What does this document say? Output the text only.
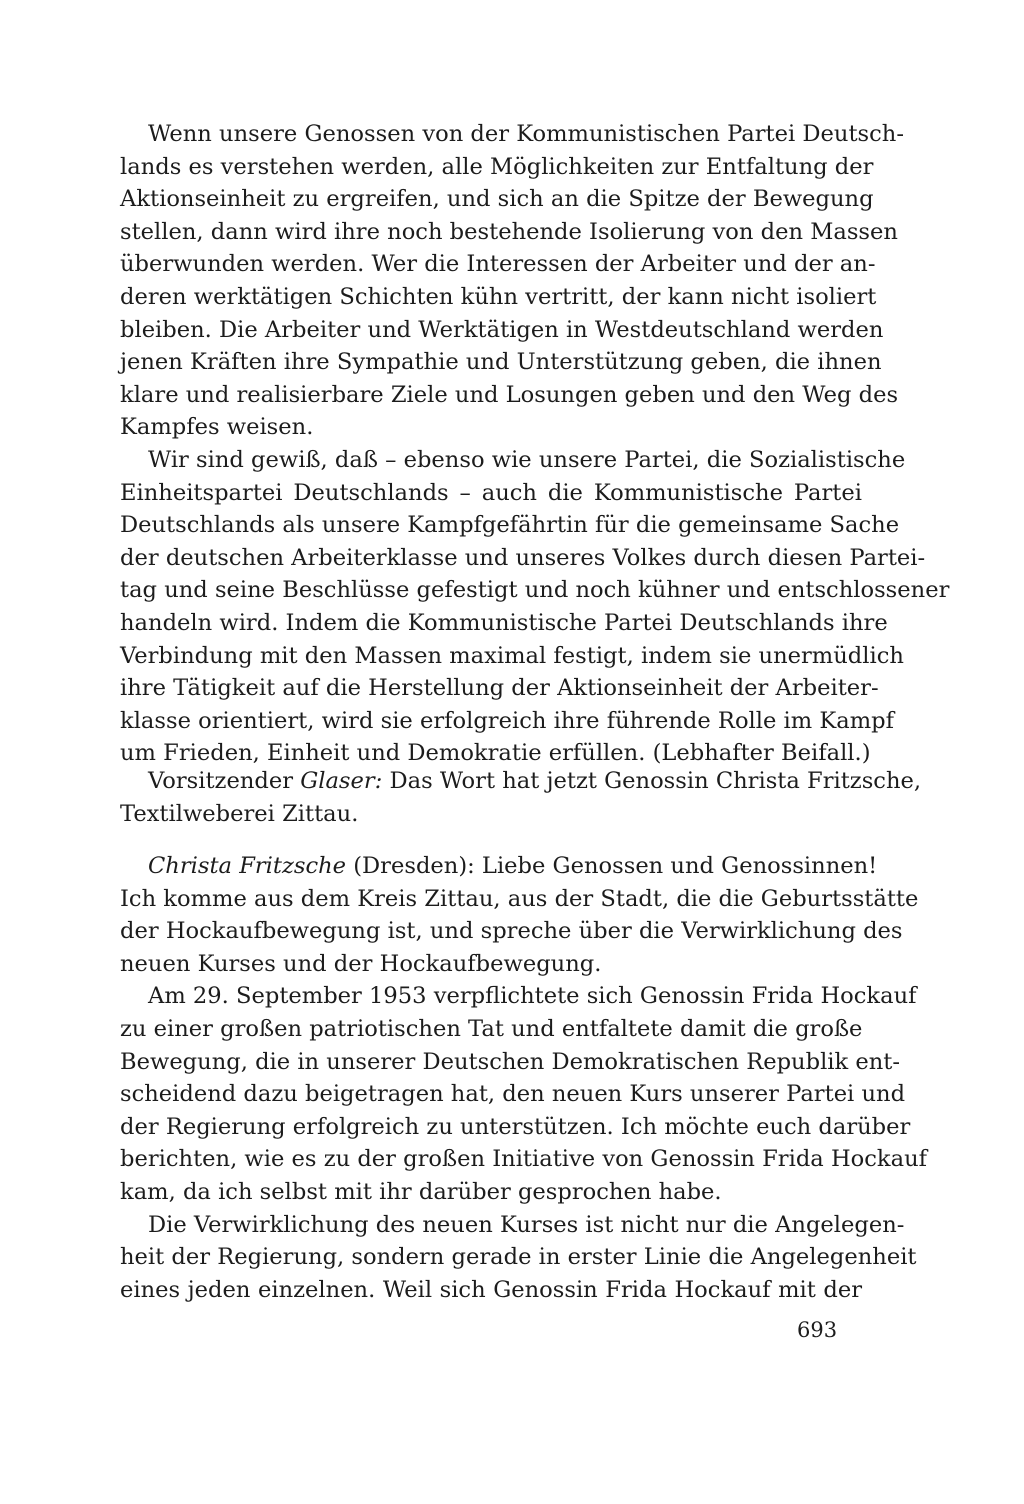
Wenn unsere Genossen von der Kommunistischen Partei Deutsch-
lands es verstehen werden, alle Möglichkeiten zur Entfaltung der
Aktionseinheit zu ergreifen, und sich an die Spitze der Bewegung
stellen, dann wird ihre noch bestehende Isolierung von den Massen
überwunden werden. Wer die Interessen der Arbeiter und der an-
deren werktätigen Schichten kühn vertritt, der kann nicht isoliert
bleiben. Die Arbeiter und Werktätigen in Westdeutschland werden
jenen Kräften ihre Sympathie und Unterstützung geben, die ihnen
klare und realisierbare Ziele und Losungen geben und den Weg des
Kampfes weisen.
Wir sind gewiß, daß – ebenso wie unsere Partei, die Sozialistische
Einheitspartei Deutschlands – auch die Kommunistische Partei
Deutschlands als unsere Kampfgefährtin für die gemeinsame Sache
der deutschen Arbeiterklasse und unseres Volkes durch diesen Partei-
tag und seine Beschlüsse gefestigt und noch kühner und entschlossener
handeln wird. Indem die Kommunistische Partei Deutschlands ihre
Verbindung mit den Massen maximal festigt, indem sie unermüdlich
ihre Tätigkeit auf die Herstellung der Aktionseinheit der Arbeiter-
klasse orientiert, wird sie erfolgreich ihre führende Rolle im Kampf
um Frieden, Einheit und Demokratie erfüllen. (Lebhafter Beifall.)
Vorsitzender Glaser: Das Wort hat jetzt Genossin Christa Fritzsche,
Textilweberei Zittau.
Christa Fritzsche (Dresden): Liebe Genossen und Genossinnen!
Ich komme aus dem Kreis Zittau, aus der Stadt, die die Geburtsstätte
der Hockaufbewegung ist, und spreche über die Verwirklichung des
neuen Kurses und der Hockaufbewegung.
Am 29. September 1953 verpflichtete sich Genossin Frida Hockauf
zu einer großen patriotischen Tat und entfaltete damit die große
Bewegung, die in unserer Deutschen Demokratischen Republik ent-
scheidend dazu beigetragen hat, den neuen Kurs unserer Partei und
der Regierung erfolgreich zu unterstützen. Ich möchte euch darüber
berichten, wie es zu der großen Initiative von Genossin Frida Hockauf
kam, da ich selbst mit ihr darüber gesprochen habe.
Die Verwirklichung des neuen Kurses ist nicht nur die Angelegen-
heit der Regierung, sondern gerade in erster Linie die Angelegenheit
eines jeden einzelnen. Weil sich Genossin Frida Hockauf mit der
693
